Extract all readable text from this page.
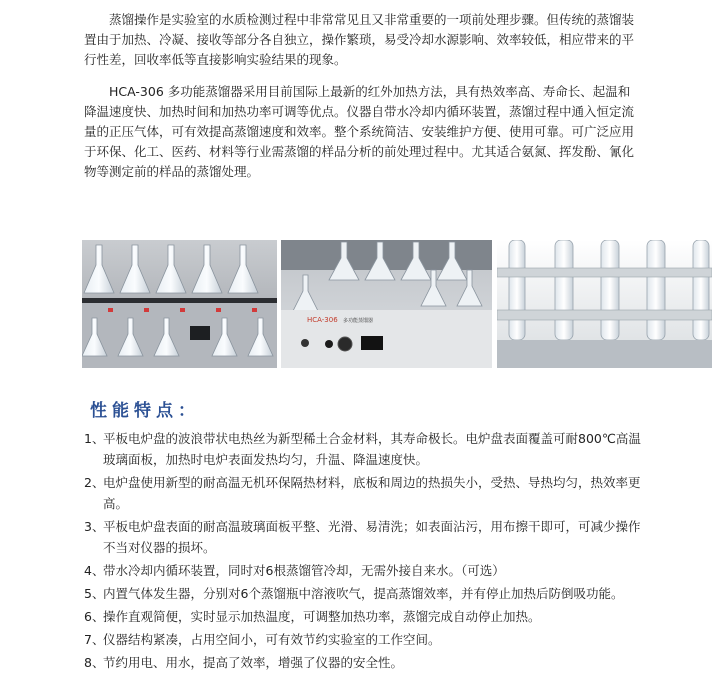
蒸馏操作是实验室的水质检测过程中非常常见且又非常重要的一项前处理步骤。但传统的蒸馏装置由于加热、冷凝、接收等部分各自独立，操作繁琐，易受冷却水源影响、效率较低，相应带来的平行性差，回收率低等直接影响实验结果的现象。

HCA-306 多功能蒸馏器采用目前国际上最新的红外加热方法，具有热效率高、寿命长、起温和降温速度快、加热时间和加热功率可调等优点。仪器自带水冷却内循环装置，蒸馏过程中通入恒定流量的正压气体，可有效提高蒸馏速度和效率。整个系统简洁、安装维护方便、使用可靠。可广泛应用于环保、化工、医药、材料等行业需蒸馏的样品分析的前处理过程中。尤其适合氨氮、挥发酚、氰化物等测定前的样品的蒸馏处理。

HCA-306 多功能蒸馏器
性能特点：
1、
平板电炉盘的波浪带状电热丝为新型稀土合金材料，其寿命极长。电炉盘表面覆盖可耐800℃高温玻璃面板，加热时电炉表面发热均匀，升温、降温速度快。
2、
电炉盘使用新型的耐高温无机环保隔热材料，底板和周边的热损失小，受热、导热均匀，热效率更高。
3、
平板电炉盘表面的耐高温玻璃面板平整、光滑、易清洗；如表面沾污，用布擦干即可，可减少操作不当对仪器的损坏。
4、
带水冷却内循环装置，同时对6根蒸馏管冷却，无需外接自来水。（可选）
5、
内置气体发生器，分别对6个蒸馏瓶中溶液吹气，提高蒸馏效率，并有停止加热后防倒吸功能。
6、
操作直观简便，实时显示加热温度，可调整加热功率，蒸馏完成自动停止加热。
7、
仪器结构紧凑，占用空间小，可有效节约实验室的工作空间。
8、
节约用电、用水，提高了效率，增强了仪器的安全性。
